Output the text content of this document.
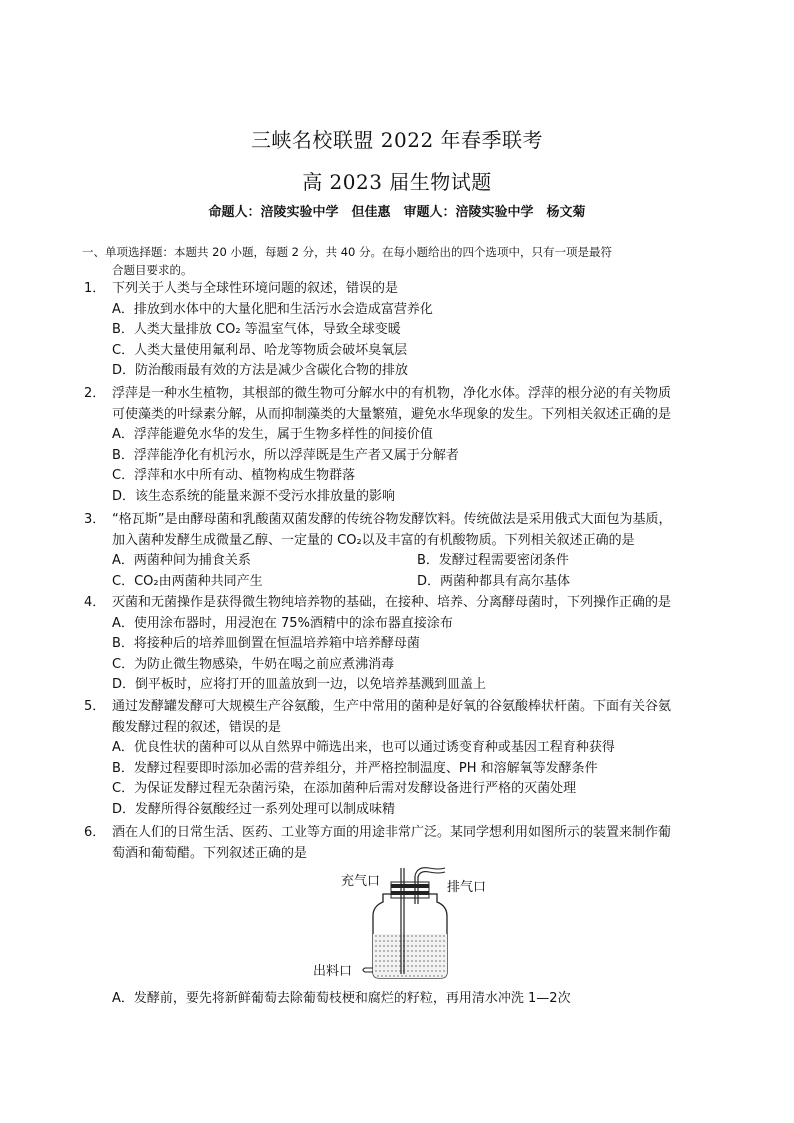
三峡名校联盟 2022 年春季联考
高 2023 届生物试题
命题人：涪陵实验中学　但佳惠　审题人：涪陵实验中学　杨文菊
一、单项选择题：本题共 20 小题，每题 2 分，共 40 分。在每小题给出的四个选项中，只有一项是最符
合题目要求的。
1． 下列关于人类与全球性环境问题的叙述，错误的是
A．排放到水体中的大量化肥和生活污水会造成富营养化
B．人类大量排放 CO₂ 等温室气体，导致全球变暖
C．人类大量使用氟利昂、哈龙等物质会破坏臭氧层
D．防治酸雨最有效的方法是减少含碳化合物的排放
2． 浮萍是一种水生植物，其根部的微生物可分解水中的有机物，净化水体。浮萍的根分泌的有关物质
可使藻类的叶绿素分解，从而抑制藻类的大量繁殖，避免水华现象的发生。下列相关叙述正确的是
A．浮萍能避免水华的发生，属于生物多样性的间接价值
B．浮萍能净化有机污水，所以浮萍既是生产者又属于分解者
C．浮萍和水中所有动、植物构成生物群落
D．该生态系统的能量来源不受污水排放量的影响
3． “格瓦斯”是由酵母菌和乳酸菌双菌发酵的传统谷物发酵饮料。传统做法是采用俄式大面包为基质，
加入菌种发酵生成微量乙醇、一定量的 CO₂以及丰富的有机酸物质。下列相关叙述正确的是
A．两菌种间为捕食关系	B．发酵过程需要密闭条件
C．CO₂由两菌种共同产生	D．两菌种都具有高尔基体
4． 灭菌和无菌操作是获得微生物纯培养物的基础，在接种、培养、分离酵母菌时，下列操作正确的是
A．使用涂布器时，用浸泡在 75%酒精中的涂布器直接涂布
B．将接种后的培养皿倒置在恒温培养箱中培养酵母菌
C．为防止微生物感染，牛奶在喝之前应煮沸消毒
D．倒平板时，应将打开的皿盖放到一边，以免培养基溅到皿盖上
5． 通过发酵罐发酵可大规模生产谷氨酸，生产中常用的菌种是好氧的谷氨酸棒状杆菌。下面有关谷氨
酸发酵过程的叙述，错误的是
A．优良性状的菌种可以从自然界中筛选出来，也可以通过诱变育种或基因工程育种获得
B．发酵过程要即时添加必需的营养组分，并严格控制温度、PH 和溶解氧等发酵条件
C．为保证发酵过程无杂菌污染，在添加菌种后需对发酵设备进行严格的灭菌处理
D．发酵所得谷氨酸经过一系列处理可以制成味精
6． 酒在人们的日常生活、医药、工业等方面的用途非常广泛。某同学想利用如图所示的装置来制作葡
萄酒和葡萄醋。下列叙述正确的是
充气口	排气口
出料口
A．发酵前，要先将新鲜葡萄去除葡萄枝梗和腐烂的籽粒，再用清水冲洗 1—2次
